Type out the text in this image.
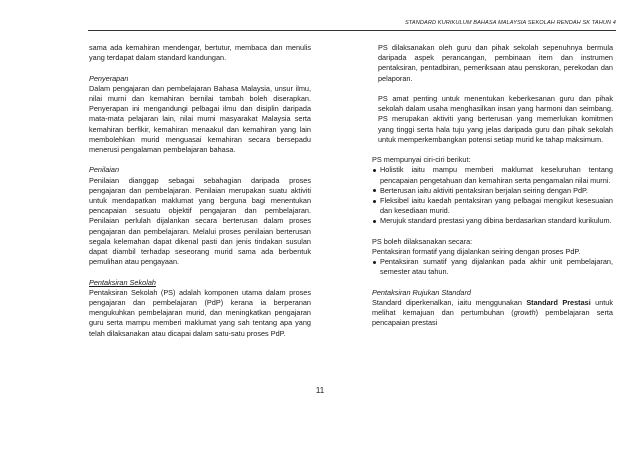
STANDARD KURIKULUM BAHASA MALAYSIA SEKOLAH RENDAH SK TAHUN 4

sama ada kemahiran mendengar, bertutur, membaca dan menulis yang terdapat dalam standard kandungan.

Penyerapan

Dalam pengajaran dan pembelajaran Bahasa Malaysia, unsur ilmu, nilai murni dan kemahiran bernilai tambah boleh diserapkan. Penyerapan ini mengandungi pelbagai ilmu dan disiplin daripada mata-mata pelajaran lain, nilai murni masyarakat Malaysia serta kemahiran berfikir, kemahiran menaakul dan kemahiran yang lain membolehkan murid menguasai kemahiran secara bersepadu menerusi pengalaman pembelajaran bahasa.

Penilaian

Penilaian dianggap sebagai sebahagian daripada proses pengajaran dan pembelajaran. Penilaian merupakan suatu aktiviti untuk mendapatkan maklumat yang berguna bagi menentukan pencapaian sesuatu objektif pengajaran dan pembelajaran. Penilaian perlulah dijalankan secara berterusan dalam proses pengajaran dan pembelajaran. Melalui proses penilaian berterusan segala kelemahan dapat dikenal pasti dan jenis tindakan susulan dapat diambil terhadap seseorang murid sama ada berbentuk pemulihan atau pengayaan.

Pentaksiran Sekolah

Pentaksiran Sekolah (PS) adalah komponen utama dalam proses pengajaran dan pembelajaran (PdP) kerana ia berperanan mengukuhkan pembelajaran murid, dan meningkatkan pengajaran guru serta mampu memberi maklumat yang sah tentang apa yang telah dilaksanakan atau dicapai dalam satu-satu proses PdP.

PS dilaksanakan oleh guru dan pihak sekolah sepenuhnya bermula daripada aspek perancangan, pembinaan item dan instrumen pentaksiran, pentadbiran, pemeriksaan atau penskoran, perekodan dan pelaporan.

PS amat penting untuk menentukan keberkesanan guru dan pihak sekolah dalam usaha menghasilkan insan yang harmoni dan seimbang. PS merupakan aktiviti yang berterusan yang memerlukan komitmen yang tinggi serta hala tuju yang jelas daripada guru dan pihak sekolah untuk memperkembangkan potensi setiap murid ke tahap maksimum.

PS mempunyai ciri-ciri berikut:

Holistik iaitu mampu memberi maklumat keseluruhan tentang pencapaian pengetahuan dan kemahiran serta pengamalan nilai murni.
Berterusan iaitu aktiviti pentaksiran berjalan seiring dengan PdP.
Fleksibel iaitu kaedah pentaksiran yang pelbagai mengikut kesesuaian dan kesediaan murid.
Merujuk standard prestasi yang dibina berdasarkan standard kurikulum.

PS boleh dilaksanakan secara:

Pentaksiran formatif yang dijalankan seiring dengan proses PdP.

Pentaksiran sumatif yang dijalankan pada akhir unit pembelajaran, semester atau tahun.

Pentaksiran Rujukan Standard

Standard diperkenalkan, iaitu menggunakan Standard Prestasi untuk melihat kemajuan dan pertumbuhan (growth) pembelajaran serta pencapaian prestasi

11
